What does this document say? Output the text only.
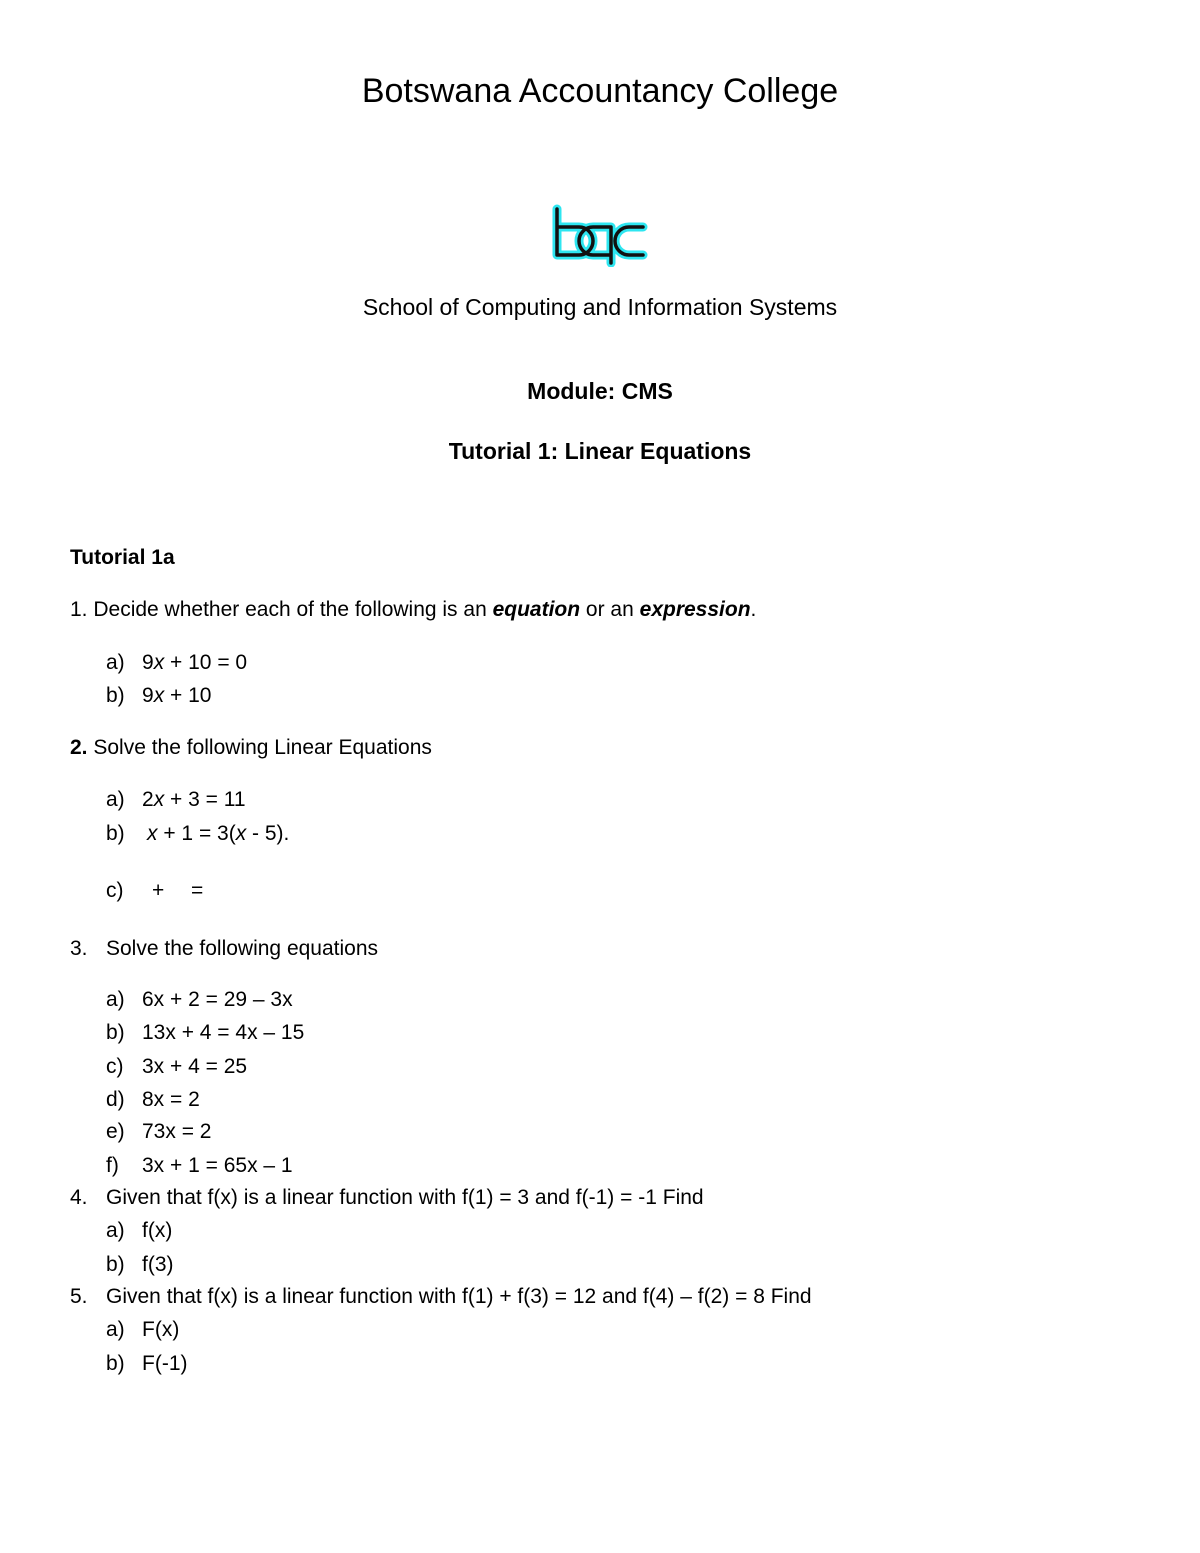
Botswana Accountancy College
School of Computing and Information Systems
Module: CMS
Tutorial 1: Linear Equations
Tutorial 1a
1. Decide whether each of the following is an equation or an expression.
a) 9x + 10 = 0
b) 9x + 10
2. Solve the following Linear Equations
a) 2x + 3 = 11
b)	x + 1 = 3(x - 5).
c)	+ =
3. Solve the following equations
a) 6x + 2 = 29 – 3x
b) 13x + 4 = 4x – 15
c) 3x + 4 = 25
d) 8x = 2
e) 73x = 2
f)	3x + 1 = 65x – 1
4. Given that f(x) is a linear function with f(1) = 3 and f(-1) = -1 Find
a) f(x)
b) f(3)
5. Given that f(x) is a linear function with f(1) + f(3) = 12 and f(4) – f(2) = 8 Find
a) F(x)
b) F(-1)
